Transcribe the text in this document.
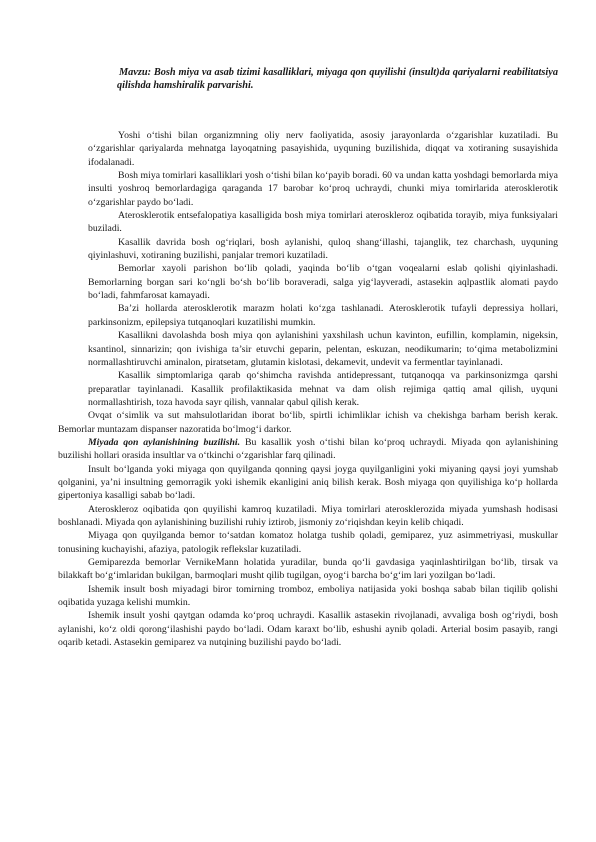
Mavzu: Bosh miya va asab tizimi kasalliklari, miyaga qon quyilishi (insult)da qariyalarni reabilitatsiya qilishda hamshiralik parvarishi.

Yoshi o‘tishi bilan organizmning oliy nerv faoliyatida, asosiy jarayonlarda o‘zgarishlar kuzatiladi. Bu o‘zgarishlar qariyalarda mehnatga layoqatning pasayishida, uyquning buzilishida, diqqat va xotiraning susayishida ifodalanadi.

Bosh miya tomirlari kasalliklari yosh o‘tishi bilan ko‘payib boradi. 60 va undan katta yoshdagi bemorlarda miya insulti yoshroq bemorlardagiga qaraganda 17 barobar ko‘proq uchraydi, chunki miya tomirlarida aterosklerotik o‘zgarishlar paydo bo‘ladi.

Aterosklerotik entsefalopatiya kasalligida bosh miya tomirlari ateroskleroz oqibatida torayib, miya funksiyalari buziladi.

Kasallik davrida bosh og‘riqlari, bosh aylanishi, quloq shang‘illashi, tajanglik, tez charchash, uyquning qiyinlashuvi, xotiraning buzilishi, panjalar tremori kuzatiladi.

Bemorlar xayoli parishon bo‘lib qoladi, yaqinda bo‘lib o‘tgan voqealarni eslab qolishi qiyinlashadi. Bemorlarning borgan sari ko‘ngli bo‘sh bo‘lib boraveradi, salga yig‘layveradi, astasekin aqlpastlik alomati paydo bo‘ladi, fahmfarosat kamayadi.

Ba’zi hollarda aterosklerotik marazm holati ko‘zga tashlanadi. Aterosklerotik tufayli depressiya hollari, parkinsonizm, epilepsiya tutqanoqlari kuzatilishi mumkin.

Kasallikni davolashda bosh miya qon aylanishini yaxshilash uchun kavinton, eufillin, komplamin, nigeksin, ksantinol, sinnarizin; qon ivishiga ta’sir etuvchi geparin, pelentan, eskuzan, neodikumarin; to‘qima metabolizmini normallashtiruvchi aminalon, piratsetam, glutamin kislotasi, dekamevit, undevit va fermentlar tayinlanadi.

Kasallik simptomlariga qarab qo‘shimcha ravishda antidepressant, tutqanoqqa va parkinsonizmga qarshi preparatlar tayinlanadi. Kasallik profilaktikasida mehnat va dam olish rejimiga qattiq amal qilish, uyquni normallashtirish, toza havoda sayr qilish, vannalar qabul qilish kerak.

Ovqat o‘simlik va sut mahsulotlaridan iborat bo‘lib, spirtli ichimliklar ichish va chekishga barham berish kerak. Bemorlar muntazam dispanser nazoratida bo‘lmog‘i darkor.

Miyada qon aylanishining buzilishi. Bu kasallik yosh o‘tishi bilan ko‘proq uchraydi. Miyada qon aylanishining buzilishi hollari orasida insultlar va o‘tkinchi o‘zgarishlar farq qilinadi.

Insult bo‘lganda yoki miyaga qon quyilganda qonning qaysi joyga quyilganligini yoki miyaning qaysi joyi yumshab qolganini, ya’ni insultning gemorragik yoki ishemik ekanligini aniq bilish kerak. Bosh miyaga qon quyilishiga ko‘p hollarda gipertoniya kasalligi sabab bo‘ladi.

Ateroskleroz oqibatida qon quyilishi kamroq kuzatiladi. Miya tomirlari aterosklerozida miyada yumshash hodisasi boshlanadi. Miyada qon aylanishining buzilishi ruhiy iztirob, jismoniy zo‘riqishdan keyin kelib chiqadi.

Miyaga qon quyilganda bemor to‘satdan komatoz holatga tushib qoladi, gemiparez, yuz asimmetriyasi, muskullar tonusining kuchayishi, afaziya, patologik reflekslar kuzatiladi.

Gemiparezda bemorlar VernikeMann holatida yuradilar, bunda qo‘li gavdasiga yaqinlashtirilgan bo‘lib, tirsak va bilakkaft bo‘g‘imlaridan bukilgan, barmoqlari musht qilib tugilgan, oyog‘i barcha bo‘g‘im lari yozilgan bo‘ladi.

Ishemik insult bosh miyadagi biror tomirning tromboz, emboliya natijasida yoki boshqa sabab bilan tiqilib qolishi oqibatida yuzaga kelishi mumkin.

Ishemik insult yoshi qaytgan odamda ko‘proq uchraydi. Kasallik astasekin rivojlanadi, avvaliga bosh og‘riydi, bosh aylanishi, ko‘z oldi qorong‘ilashishi paydo bo‘ladi. Odam karaxt bo‘lib, eshushi aynib qoladi. Arterial bosim pasayib, rangi oqarib ketadi. Astasekin gemiparez va nutqining buzilishi paydo bo‘ladi.
